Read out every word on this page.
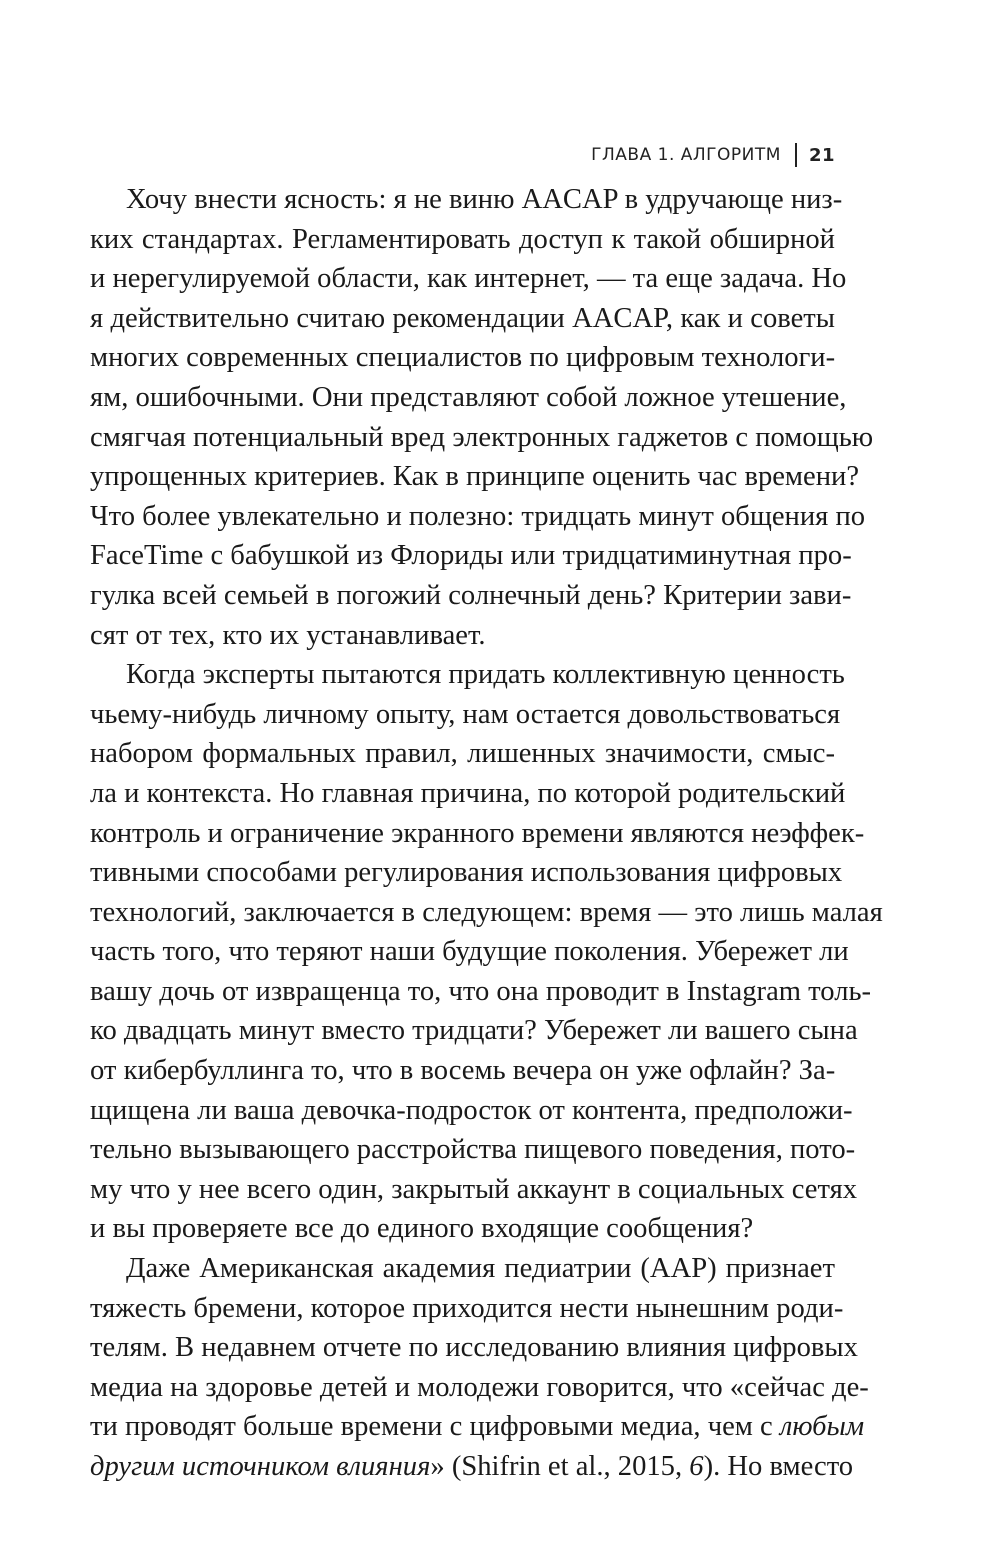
ГЛАВА 1. АЛГОРИТМ 21
Хочу внести ясность: я не виню AACAP в удручающе низ-
ких стандартах. Регламентировать доступ к такой обширной
и нерегулируемой области, как интернет, — та еще задача. Но
я действительно считаю рекомендации AACAP, как и советы
многих современных специалистов по цифровым технологи-
ям, ошибочными. Они представляют собой ложное утешение,
смягчая потенциальный вред электронных гаджетов с помощью
упрощенных критериев. Как в принципе оценить час времени?
Что более увлекательно и полезно: тридцать минут общения по
FaceTime с бабушкой из Флориды или тридцатиминутная про-
гулка всей семьей в погожий солнечный день? Критерии зави-
сят от тех, кто их устанавливает.
Когда эксперты пытаются придать коллективную ценность
чьему-нибудь личному опыту, нам остается довольствоваться
набором формальных правил, лишенных значимости, смыс-
ла и контекста. Но главная причина, по которой родительский
контроль и ограничение экранного времени являются неэффек-
тивными способами регулирования использования цифровых
технологий, заключается в следующем: время — это лишь малая
часть того, что теряют наши будущие поколения. Убережет ли
вашу дочь от извращенца то, что она проводит в Instagram толь-
ко двадцать минут вместо тридцати? Убережет ли вашего сына
от кибербуллинга то, что в восемь вечера он уже офлайн? За-
щищена ли ваша девочка-подросток от контента, предположи-
тельно вызывающего расстройства пищевого поведения, пото-
му что у нее всего один, закрытый аккаунт в социальных сетях
и вы проверяете все до единого входящие сообщения?
Даже Американская академия педиатрии (AAP) признает
тяжесть бремени, которое приходится нести нынешним роди-
телям. В недавнем отчете по исследованию влияния цифровых
медиа на здоровье детей и молодежи говорится, что «сейчас де-
ти проводят больше времени с цифровыми медиа, чем с любым
другим источником влияния» (Shifrin et al., 2015, 6). Но вместо
